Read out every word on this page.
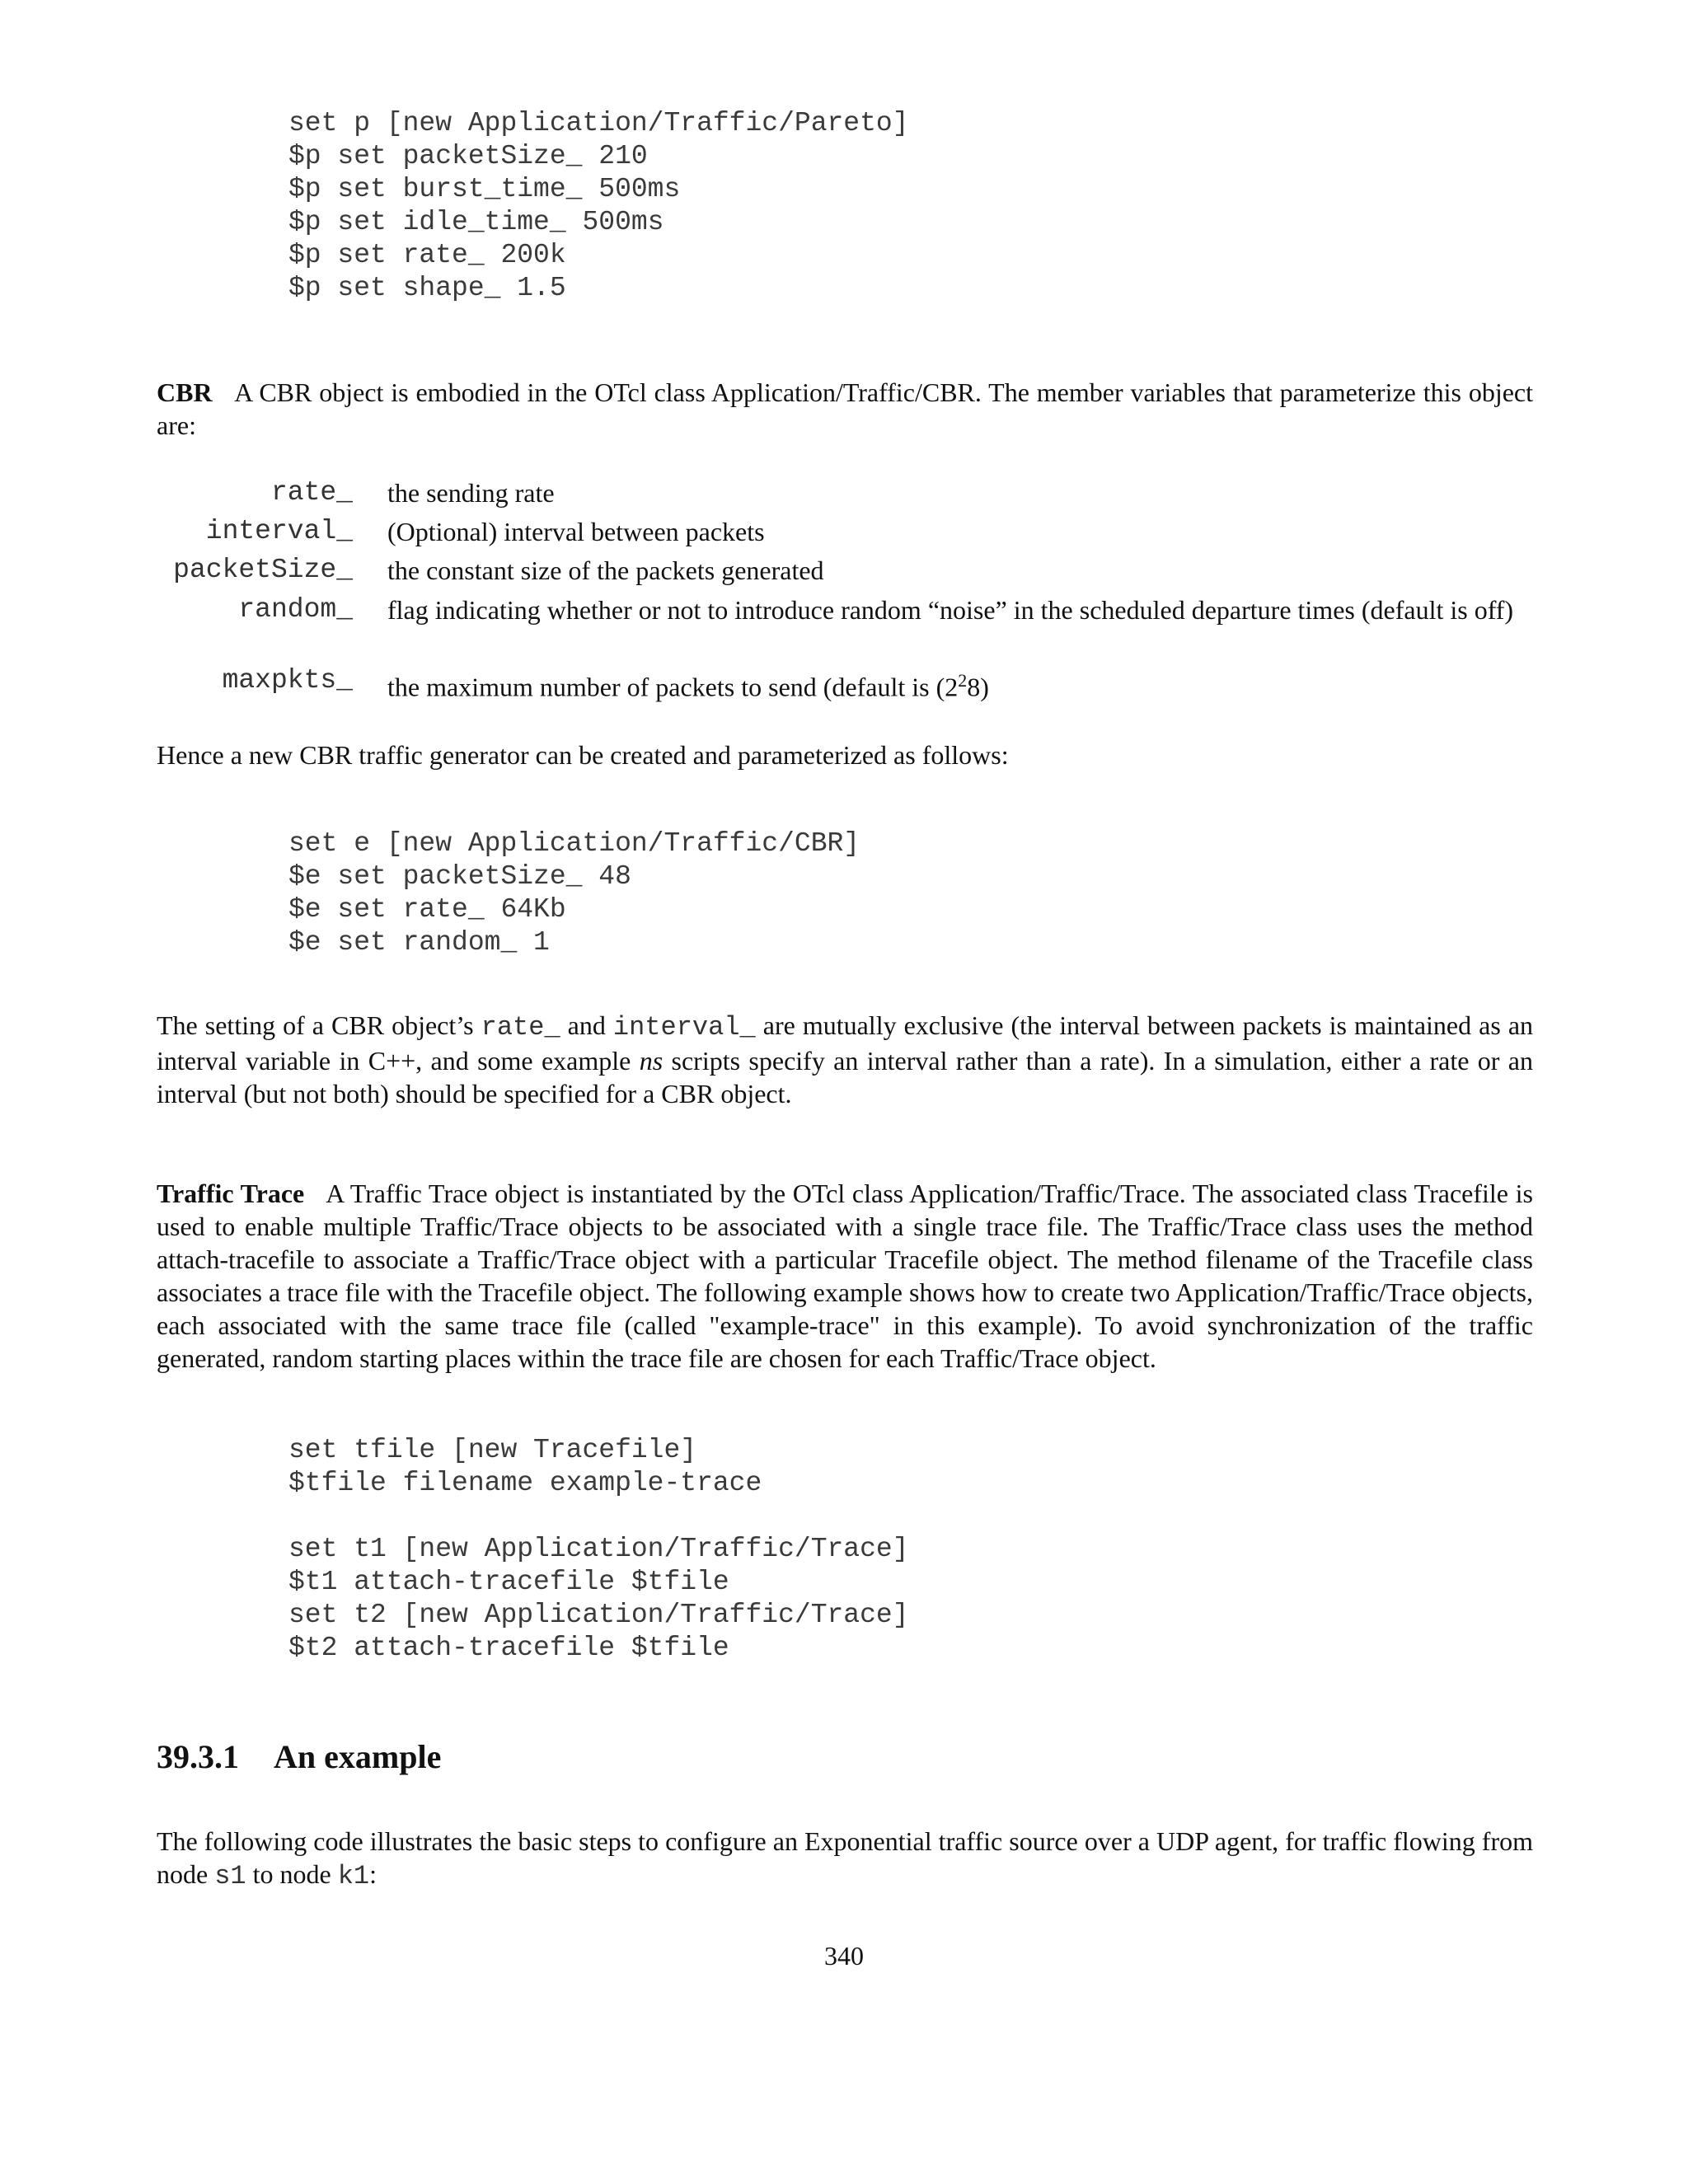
set p [new Application/Traffic/Pareto]
$p set packetSize_ 210
$p set burst_time_ 500ms
$p set idle_time_ 500ms
$p set rate_ 200k
$p set shape_ 1.5

CBR A CBR object is embodied in the OTcl class Application/Traffic/CBR. The member variables that parameterize this object are:

rate_ the sending rate
interval_ (Optional) interval between packets
packetSize_ the constant size of the packets generated
random_ flag indicating whether or not to introduce random “noise” in the scheduled departure times (default is off)
maxpkts_ the maximum number of packets to send (default is $(2^28)$

Hence a new CBR traffic generator can be created and parameterized as follows:

set e [new Application/Traffic/CBR]
$e set packetSize_ 48
$e set rate_ 64Kb
$e set random_ 1

The setting of a CBR object’s rate_ and interval_ are mutually exclusive (the interval between packets is maintained as an interval variable in C++, and some example ns scripts specify an interval rather than a rate). In a simulation, either a rate or an interval (but not both) should be specified for a CBR object.

Traffic Trace A Traffic Trace object is instantiated by the OTcl class Application/Traffic/Trace. The associated class Tracefile is used to enable multiple Traffic/Trace objects to be associated with a single trace file. The Traffic/Trace class uses the method attach-tracefile to associate a Traffic/Trace object with a particular Tracefile object. The method filename of the Tracefile class associates a trace file with the Tracefile object. The following example shows how to create two Application/Traffic/Trace objects, each associated with the same trace file (called "example-trace" in this example). To avoid synchronization of the traffic generated, random starting places within the trace file are chosen for each Traffic/Trace object.

set tfile [new Tracefile]
$tfile filename example-trace

set t1 [new Application/Traffic/Trace]
$t1 attach-tracefile $tfile
set t2 [new Application/Traffic/Trace]
$t2 attach-tracefile $tfile
39.3.1 An example

The following code illustrates the basic steps to configure an Exponential traffic source over a UDP agent, for traffic flowing from node s1 to node k1:

340
